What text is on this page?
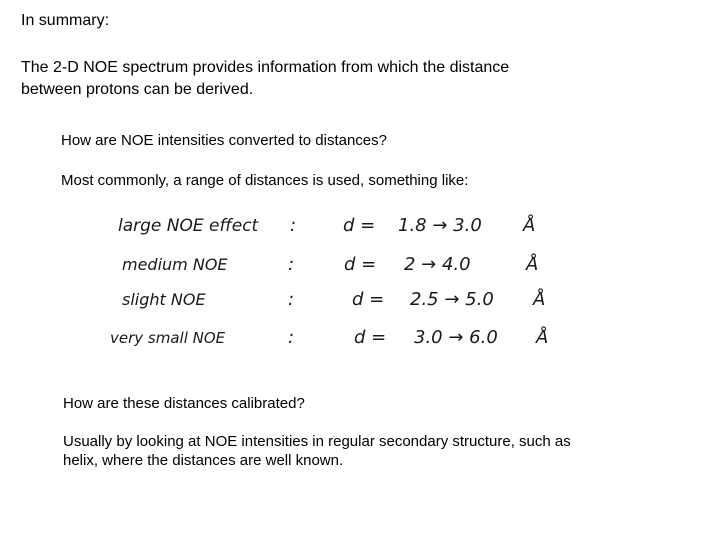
In summary:
The 2-D NOE spectrum provides information from which the distance
between protons can be derived.
How are NOE intensities converted to distances?
Most commonly, a range of distances is used, something like:
large NOE effect :	d = 1.8 → 3.0 Å
medium NOE	:	d = 2 → 4.0	Å
slight NOE	:	d = 2.5 → 5.0 Å
very small NOE	:	d = 3.0 → 6.0 Å
How are these distances calibrated?
Usually by looking at NOE intensities in regular secondary structure, such as
helix, where the distances are well known.
